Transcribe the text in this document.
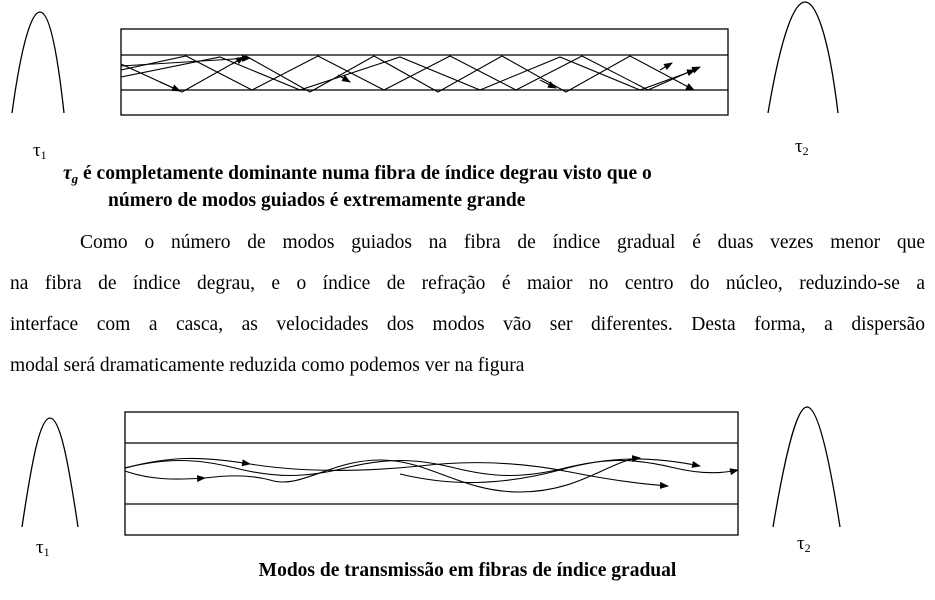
$\tau_1$	$\tau_2$
$\tau_g$ é completamente dominante numa fibra de índice degrau visto que o
número de modos guiados é extremamente grande
Como o número de modos guiados na fibra de índice gradual é duas vezes menor que
na fibra de índice degrau, e o índice de refração é maior no centro do núcleo, reduzindo-se a
interface com a casca, as velocidades dos modos vão ser diferentes. Desta forma, a dispersão
modal será dramaticamente reduzida como podemos ver na figura
$\tau_1$	$\tau_2$
Modos de transmissão em fibras de índice gradual
